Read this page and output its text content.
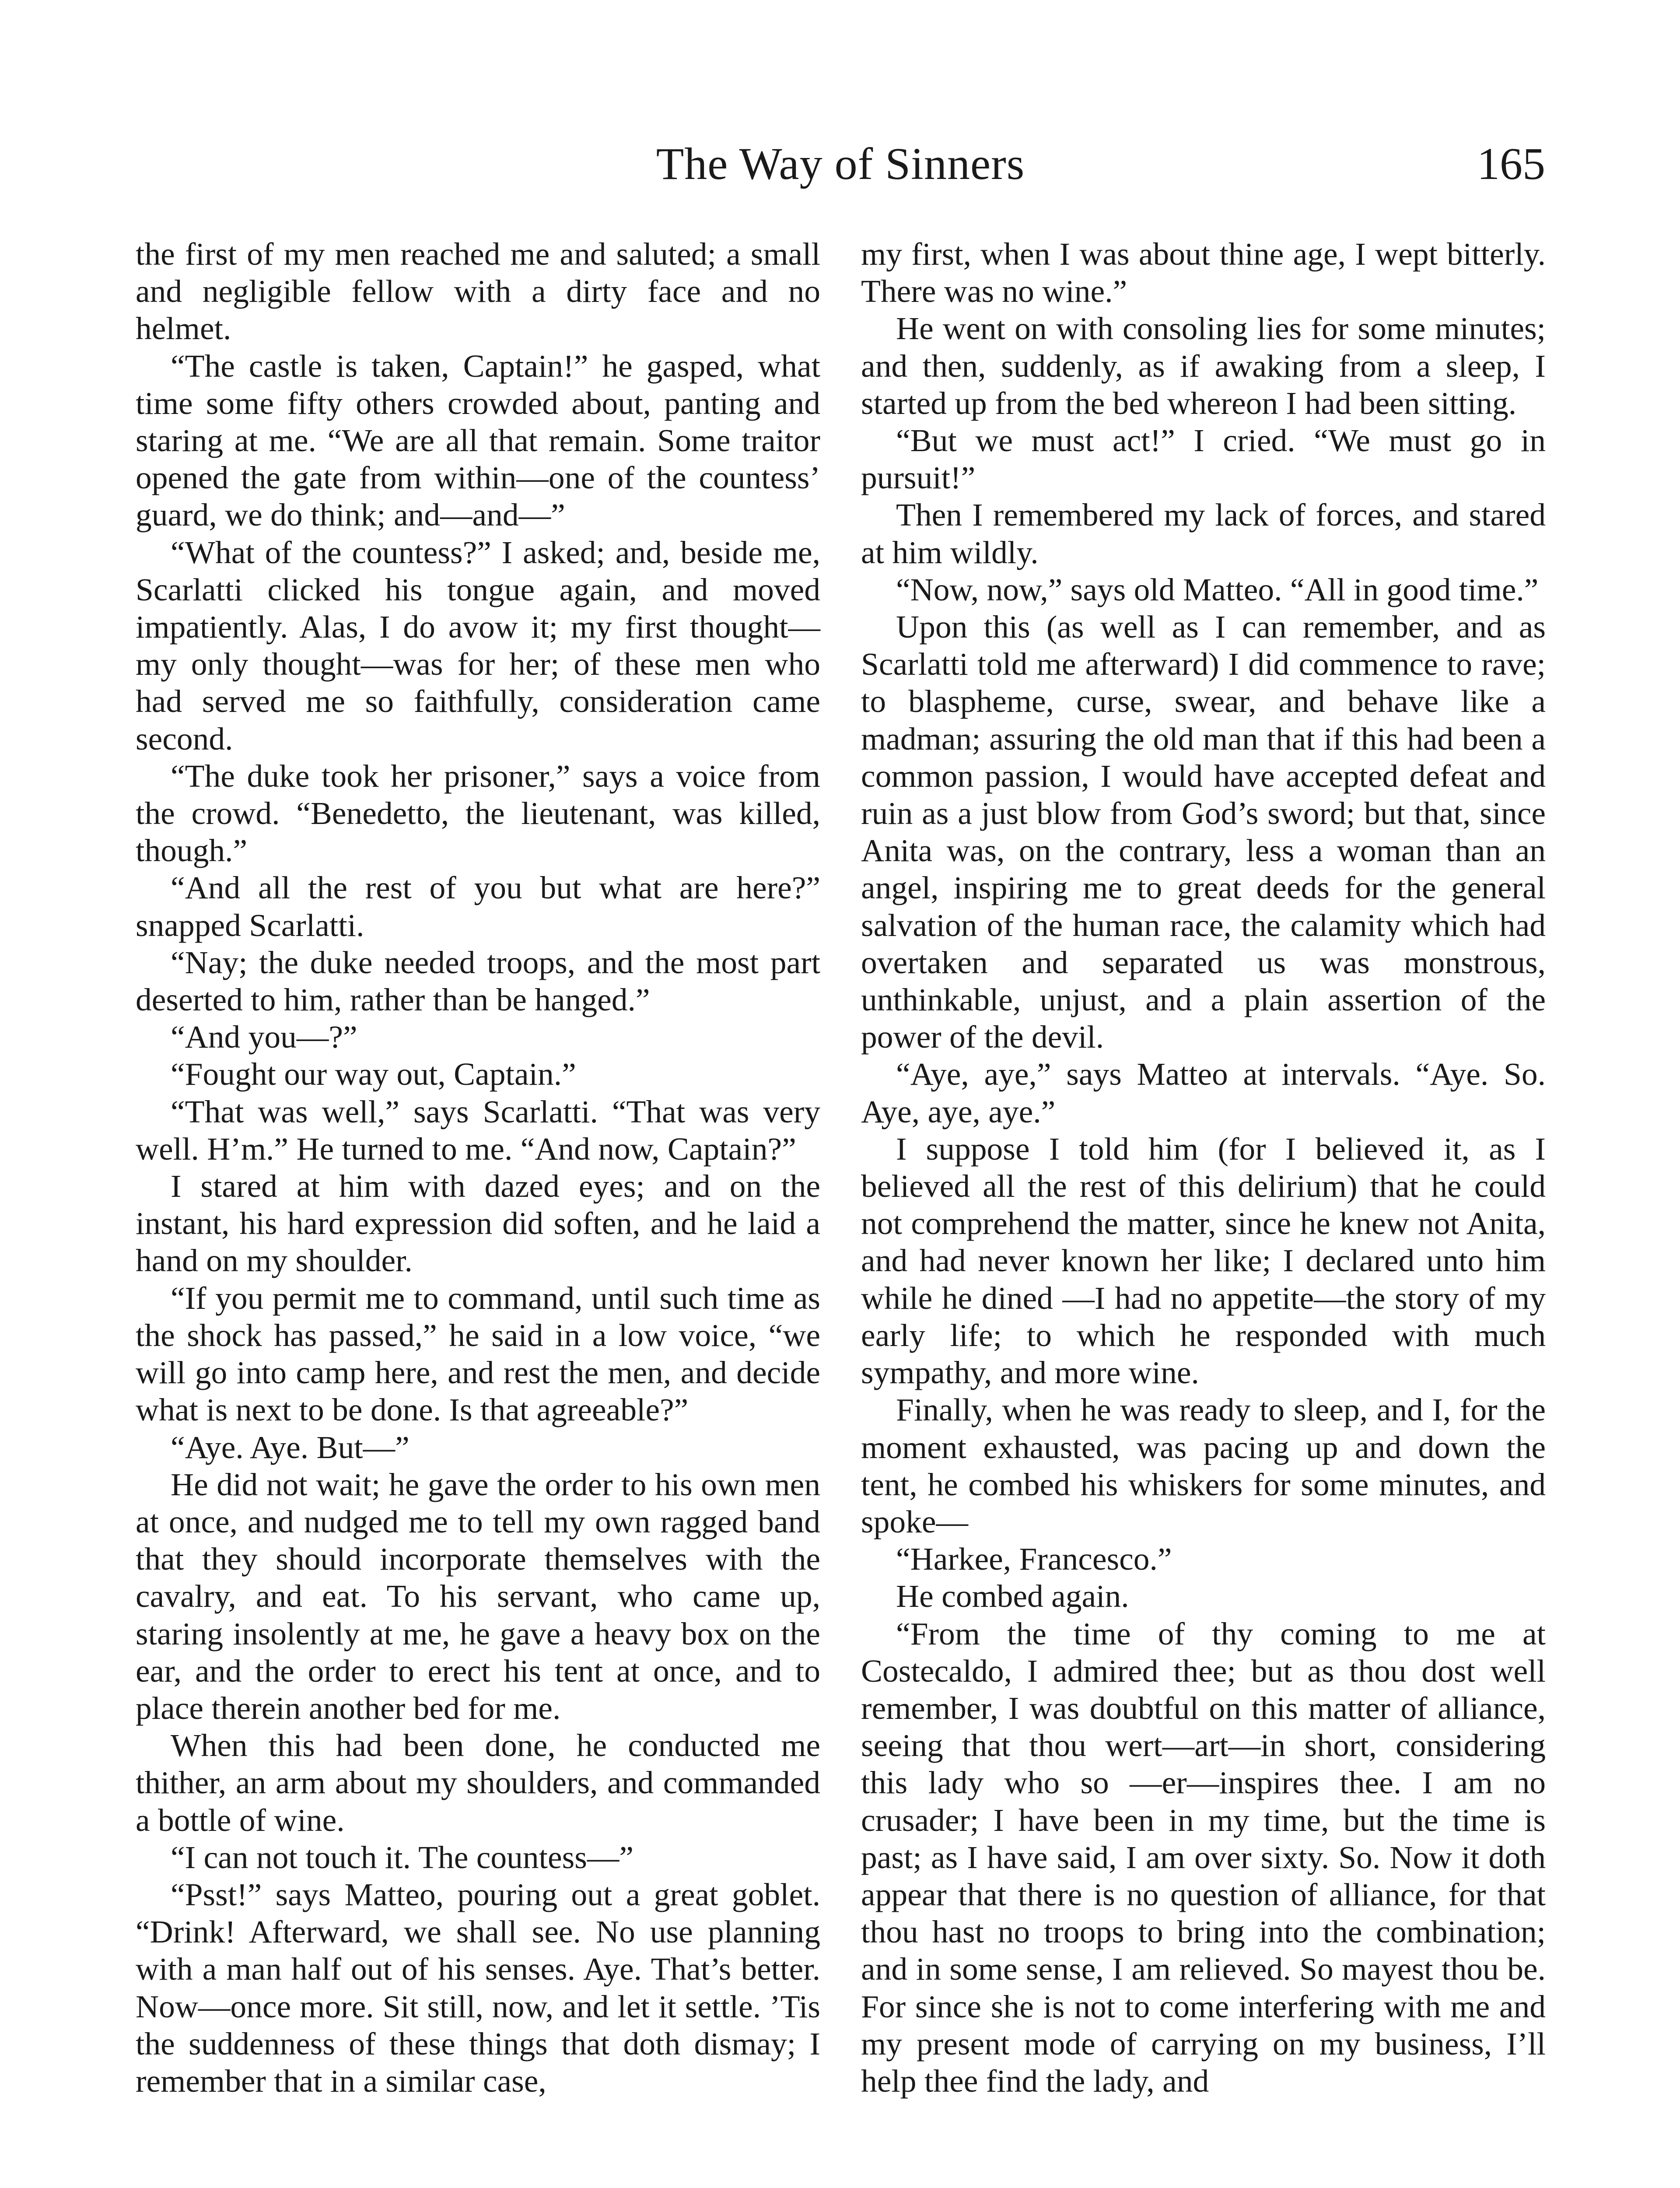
The Way of Sinners	165

the first of my men reached me and saluted; a small and negligible fellow with a dirty face and no helmet.

“The castle is taken, Captain!” he gasped, what time some fifty others crowded about, panting and staring at me. “We are all that remain. Some traitor opened the gate from within—one of the countess’ guard, we do think; and—and—”

“What of the countess?” I asked; and, beside me, Scarlatti clicked his tongue again, and moved impatiently. Alas, I do avow it; my first thought—my only thought—was for her; of these men who had served me so faithfully, consideration came second.

“The duke took her prisoner,” says a voice from the crowd. “Benedetto, the lieutenant, was killed, though.”

“And all the rest of you but what are here?” snapped Scarlatti.

“Nay; the duke needed troops, and the most part deserted to him, rather than be hanged.”

“And you—?”

“Fought our way out, Captain.”

“That was well,” says Scarlatti. “That was very well. H’m.” He turned to me. “And now, Captain?”

I stared at him with dazed eyes; and on the instant, his hard expression did soften, and he laid a hand on my shoulder.

“If you permit me to command, until such time as the shock has passed,” he said in a low voice, “we will go into camp here, and rest the men, and decide what is next to be done. Is that agreeable?”

“Aye. Aye. But—”

He did not wait; he gave the order to his own men at once, and nudged me to tell my own ragged band that they should incorporate themselves with the cavalry, and eat. To his servant, who came up, staring insolently at me, he gave a heavy box on the ear, and the order to erect his tent at once, and to place therein another bed for me.

When this had been done, he conducted me thither, an arm about my shoulders, and commanded a bottle of wine.

“I can not touch it. The countess—”

“Psst!” says Matteo, pouring out a great goblet. “Drink! Afterward, we shall see. No use planning with a man half out of his senses. Aye. That’s better. Now—once more. Sit still, now, and let it settle. ’Tis the suddenness of these things that doth dismay; I remember that in a similar case,

my first, when I was about thine age, I wept bitterly. There was no wine.”

He went on with consoling lies for some minutes; and then, suddenly, as if awaking from a sleep, I started up from the bed whereon I had been sitting.

“But we must act!” I cried. “We must go in pursuit!”

Then I remembered my lack of forces, and stared at him wildly.

“Now, now,” says old Matteo. “All in good time.”

Upon this (as well as I can remember, and as Scarlatti told me afterward) I did commence to rave; to blaspheme, curse, swear, and behave like a madman; assuring the old man that if this had been a common passion, I would have accepted defeat and ruin as a just blow from God’s sword; but that, since Anita was, on the contrary, less a woman than an angel, inspiring me to great deeds for the general salvation of the human race, the calamity which had overtaken and separated us was monstrous, unthinkable, unjust, and a plain assertion of the power of the devil.

“Aye, aye,” says Matteo at intervals. “Aye. So. Aye, aye, aye.”

I suppose I told him (for I believed it, as I believed all the rest of this delirium) that he could not comprehend the matter, since he knew not Anita, and had never known her like; I declared unto him while he dined —I had no appetite—the story of my early life; to which he responded with much sympathy, and more wine.

Finally, when he was ready to sleep, and I, for the moment exhausted, was pacing up and down the tent, he combed his whiskers for some minutes, and spoke—

“Harkee, Francesco.”

He combed again.

“From the time of thy coming to me at Costecaldo, I admired thee; but as thou dost well remember, I was doubtful on this matter of alliance, seeing that thou wert—art—in short, considering this lady who so —er—inspires thee. I am no crusader; I have been in my time, but the time is past; as I have said, I am over sixty. So. Now it doth appear that there is no question of alliance, for that thou hast no troops to bring into the combination; and in some sense, I am relieved. So mayest thou be. For since she is not to come interfering with me and my present mode of carrying on my business, I’ll help thee find the lady, and
